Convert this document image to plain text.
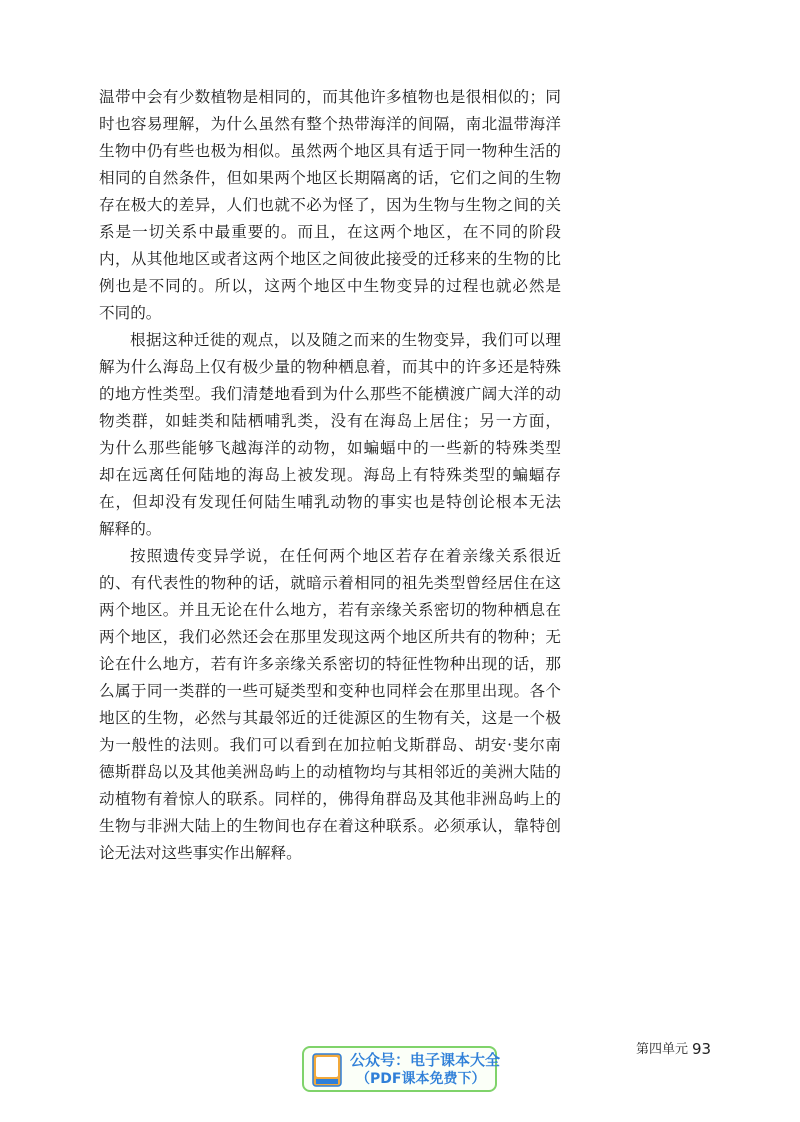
温带中会有少数植物是相同的，而其他许多植物也是很相似的；同
时也容易理解，为什么虽然有整个热带海洋的间隔，南北温带海洋
生物中仍有些也极为相似。虽然两个地区具有适于同一物种生活的
相同的自然条件，但如果两个地区长期隔离的话，它们之间的生物
存在极大的差异，人们也就不必为怪了，因为生物与生物之间的关
系是一切关系中最重要的。而且，在这两个地区，在不同的阶段
内，从其他地区或者这两个地区之间彼此接受的迁移来的生物的比
例也是不同的。所以，这两个地区中生物变异的过程也就必然是
不同的。
根据这种迁徙的观点，以及随之而来的生物变异，我们可以理
解为什么海岛上仅有极少量的物种栖息着，而其中的许多还是特殊
的地方性类型。我们清楚地看到为什么那些不能横渡广阔大洋的动
物类群，如蛙类和陆栖哺乳类，没有在海岛上居住；另一方面，
为什么那些能够飞越海洋的动物，如蝙蝠中的一些新的特殊类型
却在远离任何陆地的海岛上被发现。海岛上有特殊类型的蝙蝠存
在，但却没有发现任何陆生哺乳动物的事实也是特创论根本无法
解释的。
按照遗传变异学说，在任何两个地区若存在着亲缘关系很近
的、有代表性的物种的话，就暗示着相同的祖先类型曾经居住在这
两个地区。并且无论在什么地方，若有亲缘关系密切的物种栖息在
两个地区，我们必然还会在那里发现这两个地区所共有的物种；无
论在什么地方，若有许多亲缘关系密切的特征性物种出现的话，那
么属于同一类群的一些可疑类型和变种也同样会在那里出现。各个
地区的生物，必然与其最邻近的迁徙源区的生物有关，这是一个极
为一般性的法则。我们可以看到在加拉帕戈斯群岛、胡安·斐尔南
德斯群岛以及其他美洲岛屿上的动植物均与其相邻近的美洲大陆的
动植物有着惊人的联系。同样的，佛得角群岛及其他非洲岛屿上的
生物与非洲大陆上的生物间也存在着这种联系。必须承认，靠特创
论无法对这些事实作出解释。
公众号：电子课本大全
（PDF课本免费下）
第四单元 93
